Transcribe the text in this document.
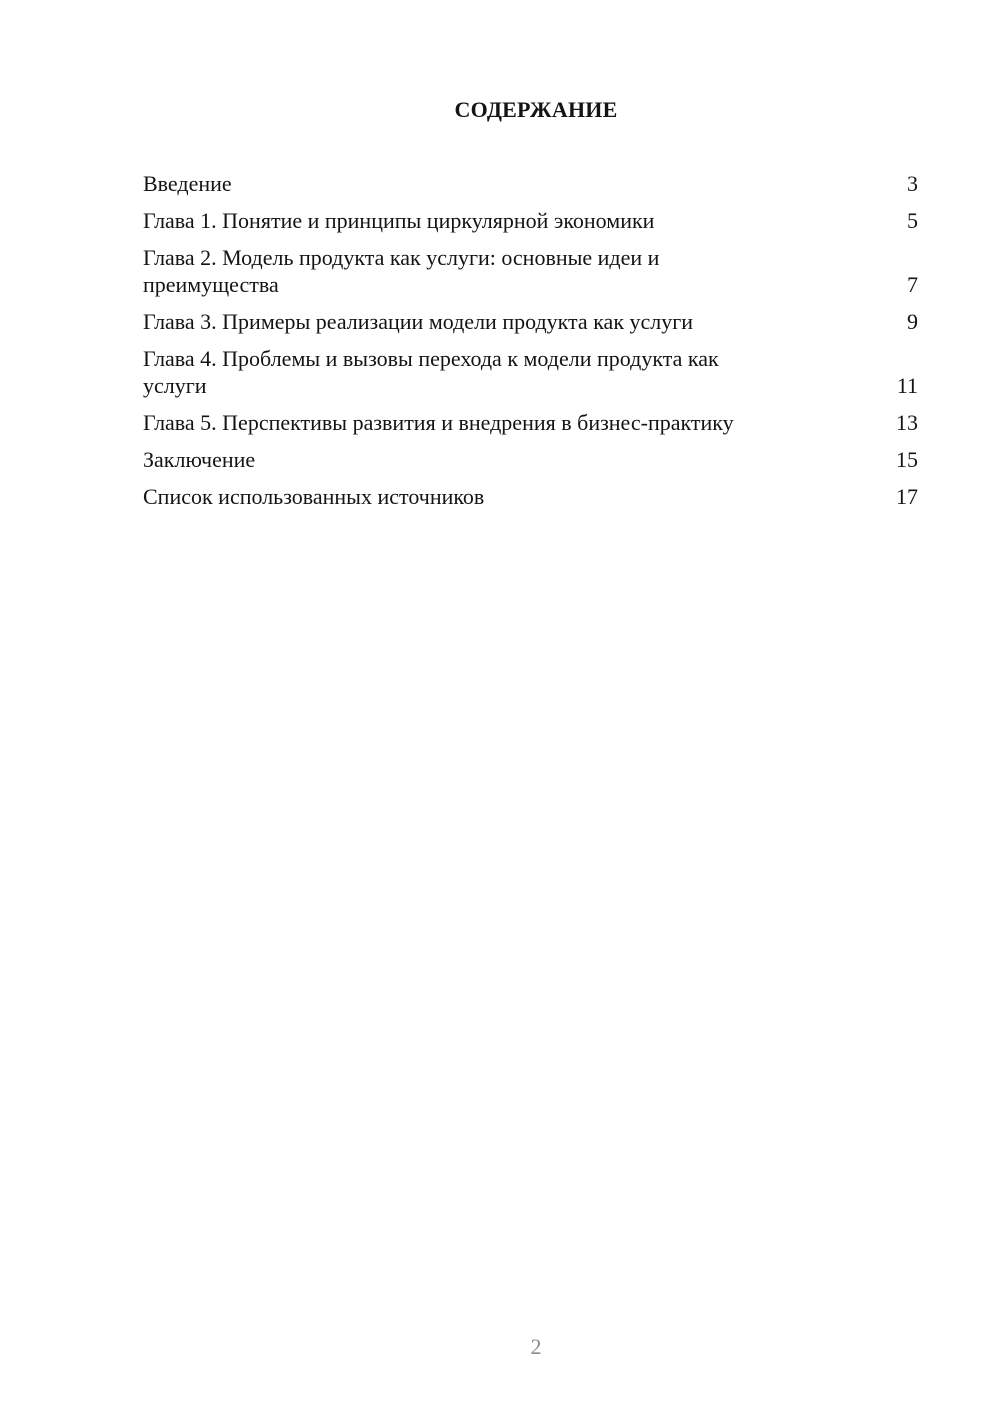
СОДЕРЖАНИЕ
Введение	3
Глава 1. Понятие и принципы циркулярной экономики	5
Глава 2. Модель продукта как услуги: основные идеи и
преимущества	7
Глава 3. Примеры реализации модели продукта как услуги	9
Глава 4. Проблемы и вызовы перехода к модели продукта как
услуги	11
Глава 5. Перспективы развития и внедрения в бизнес-практику	13
Заключение	15
Список использованных источников	17
2
